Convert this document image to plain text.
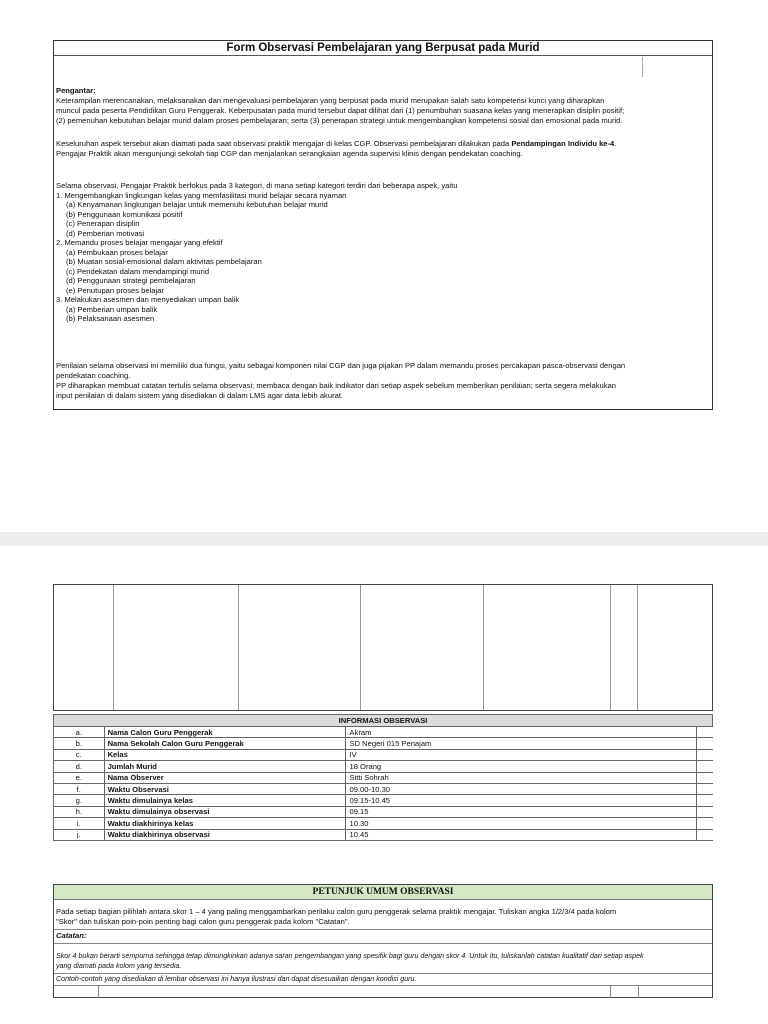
Form Observasi Pembelajaran yang Berpusat pada Murid
Pengantar:
Keterampilan merencanakan, melaksanakan dan mengevaluasi pembelajaran yang berpusat pada murid merupakan salah satu kompetensi kunci yang diharapkan
muncul pada peserta Pendidikan Guru Penggerak. Keberpusatan pada murid tersebut dapat dilihat dari (1) penumbuhan suasana kelas yang menerapkan disiplin positif;
(2) pemenuhan kebutuhan belajar murid dalam proses pembelajaran; serta (3) penerapan strategi untuk mengembangkan kompetensi sosial dan emosional pada murid.
Keseluruhan aspek tersebut akan diamati pada saat observasi praktik mengajar di kelas CGP. Observasi pembelajaran dilakukan pada Pendampingan Individu ke-4.
Pengajar Praktik akan mengunjungi sekolah tiap CGP dan menjalankan serangkaian agenda supervisi klinis dengan pendekatan coaching.
Selama observasi, Pengajar Praktik berfokus pada 3 kategori, di mana setiap kategori terdiri dari beberapa aspek, yaitu
1. Mengembangkan lingkungan kelas yang memfasilitasi murid belajar secara nyaman
(a) Kenyamanan lingkungan belajar untuk memenuhi kebutuhan belajar murid
(b) Penggunaan komunikasi positif
(c) Penerapan disiplin
(d) Pemberian motivasi
2. Memandu proses belajar mengajar yang efektif
(a) Pembukaan proses belajar
(b) Muatan sosial-emosional dalam aktivitas pembelajaran
(c) Pendekatan dalam mendampingi murid
(d) Penggunaan strategi pembelajaran
(e) Penutupan proses belajar
3. Melakukan asesmen dan menyediakan umpan balik
(a) Pemberian umpan balik
(b) Pelaksanaan asesmen
Penilaian selama observasi ini memiliki dua fungsi, yaitu sebagai komponen nilai CGP dan juga pijakan PP dalam memandu proses percakapan pasca-observasi dengan
pendekatan coaching.
PP diharapkan membuat catatan tertulis selama observasi; membaca dengan baik indikator dari setiap aspek sebelum memberikan penilaian; serta segera melakukan
input penilaian di dalam sistem yang disediakan di dalam LMS agar data lebih akurat.
INFORMASI OBSERVASI			
a.	Nama Calon Guru Penggerak	Akram	
b.	Nama Sekolah Calon Guru Penggerak	SD Negeri 015 Penajam	
c.	Kelas	IV	
d.	Jumlah Murid	18 Orang	
e.	Nama Observer	Sitti Sohrah	
f.	Waktu Observasi	09.00-10.30	
g.	Waktu dimulainya kelas	09.15-10.45	
h.	Waktu dimulainya observasi	09.15	
i.	Waktu diakhirinya kelas	10.30	
j.	Waktu diakhirinya observasi	10.45	
PETUNJUK UMUM OBSERVASI
Pada setiap bagian pilihlah antara skor 1 – 4 yang paling menggambarkan perilaku calon guru penggerak selama praktik mengajar. Tuliskan angka 1/2/3/4 pada kolom
"Skor" dan tuliskan poin-poin penting bagi calon guru penggerak pada kolom "Catatan".
Catatan:
Skor 4 bukan berarti sempurna sehingga tetap dimungkinkan adanya saran pengembangan yang spesifik bagi guru dengan skor 4. Untuk itu, tuliskanlah catatan kualitatif dari setiap aspek
yang diamati pada kolom yang tersedia.
Contoh-contoh yang disediakan di lembar observasi ini hanya ilustrasi dan dapat disesuaikan dengan kondisi guru.
